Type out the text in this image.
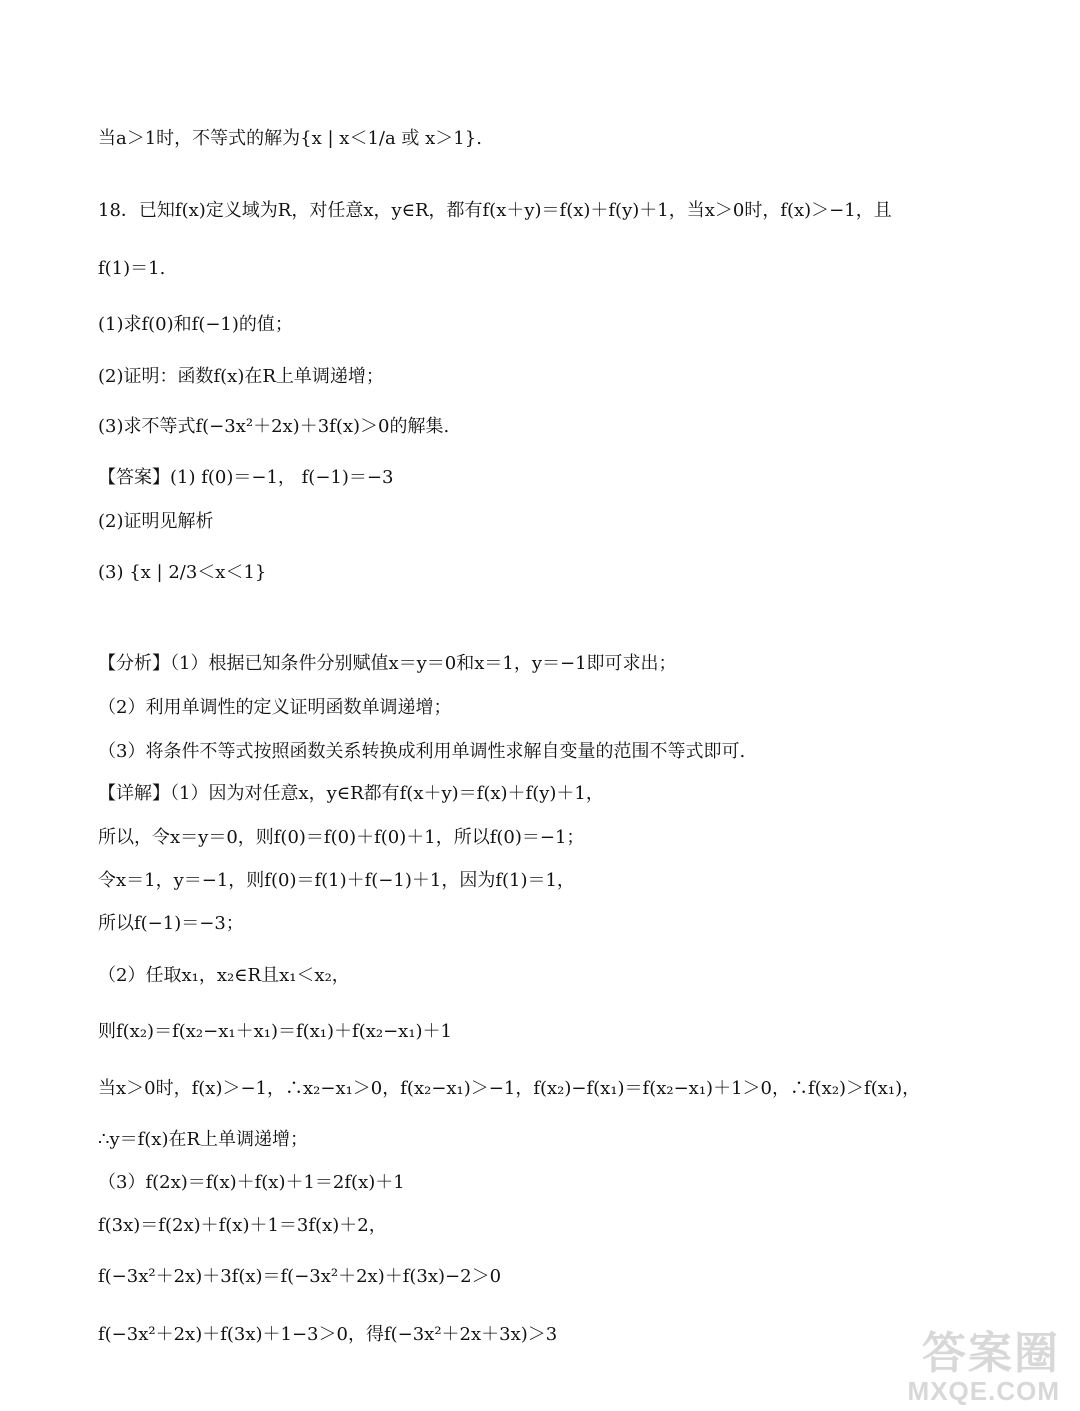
当a＞1时，不等式的解为{x | x＜1/a 或 x＞1}.
18．已知f(x)定义域为R，对任意x，y∈R，都有f(x＋y)＝f(x)＋f(y)＋1，当x＞0时，f(x)＞−1，且
f(1)＝1.
(1)求f(0)和f(−1)的值；
(2)证明：函数f(x)在R上单调递增；
(3)求不等式f(−3x²＋2x)＋3f(x)＞0的解集.
【答案】(1) f(0)＝−1， f(−1)＝−3
(2)证明见解析
(3) {x | 2/3＜x＜1}
【分析】（1）根据已知条件分别赋值x＝y＝0和x＝1，y＝−1即可求出；
（2）利用单调性的定义证明函数单调递增；
（3）将条件不等式按照函数关系转换成利用单调性求解自变量的范围不等式即可.
【详解】（1）因为对任意x，y∈R都有f(x＋y)＝f(x)＋f(y)＋1，
所以，令x＝y＝0，则f(0)＝f(0)＋f(0)＋1，所以f(0)＝−1；
令x＝1，y＝−1，则f(0)＝f(1)＋f(−1)＋1，因为f(1)＝1，
所以f(−1)＝−3；
（2）任取x₁，x₂∈R且x₁＜x₂，
则f(x₂)＝f(x₂−x₁＋x₁)＝f(x₁)＋f(x₂−x₁)＋1
当x＞0时，f(x)＞−1，∴x₂−x₁＞0，f(x₂−x₁)＞−1，f(x₂)−f(x₁)＝f(x₂−x₁)＋1＞0，∴f(x₂)＞f(x₁)，
∴y＝f(x)在R上单调递增；
（3）f(2x)＝f(x)＋f(x)＋1＝2f(x)＋1
f(3x)＝f(2x)＋f(x)＋1＝3f(x)＋2，
f(−3x²＋2x)＋3f(x)＝f(−3x²＋2x)＋f(3x)−2＞0
f(−3x²＋2x)＋f(3x)＋1−3＞0，得f(−3x²＋2x＋3x)＞3	答案圈
MXQE.COM
